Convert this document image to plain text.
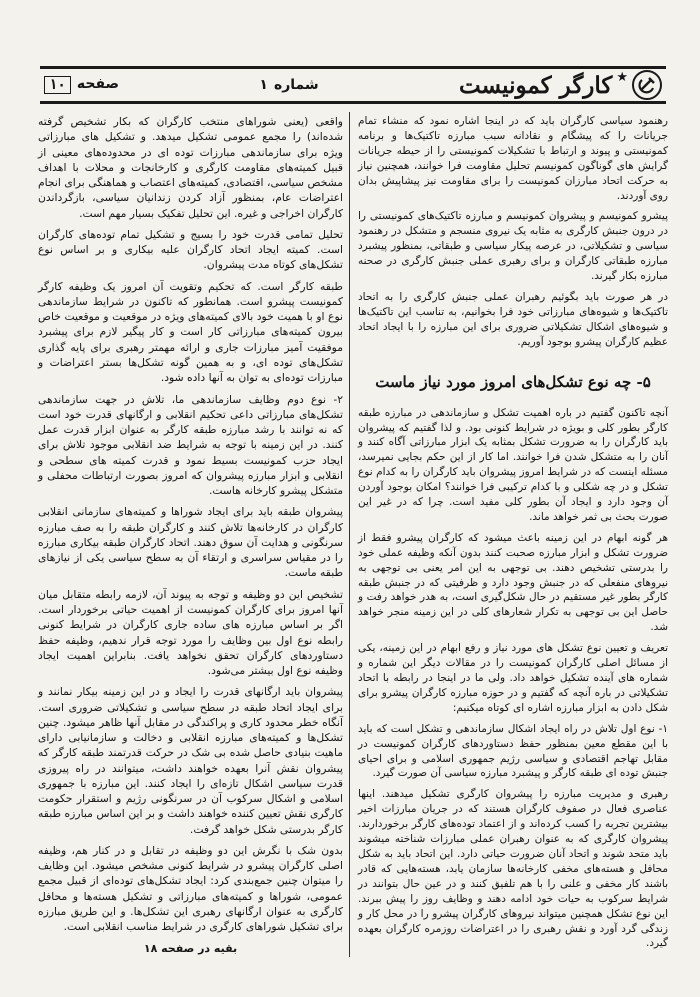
★
کارگر کمونیست
شماره
۱
صفحه
۱۰

رهنمود سیاسی کارگران باید که در اینجا اشاره نمود که منشاء تمام جریانات را که پیشگام و نقادانه سبب مبارزه تاکتیک‌ها و برنامه کمونیستی و پیوند و ارتباط با تشکیلات کمونیستی را از حیطه جریانات گرایش های گوناگون کمونیسم تحلیل مقاومت فرا خوانند، همچنین نیاز به حرکت اتحاد مبارزان کمونیست را برای مقاومت نیز پیشاپیش بدان روی آوردند.

پیشرو کمونیسم و پیشروان کمونیسم و مبارزه تاکتیک‌های کمونیستی را در درون جنبش کارگری به مثابه یک نیروی منسجم و متشکل در رهنمود سیاسی و تشکیلاتی، در عرصه پیکار سیاسی و طبقاتی، بمنظور پیشبرد مبارزه طبقاتی کارگران و برای رهبری عملی جنبش کارگری در صحنه مبارزه بکار گیرند.

در هر صورت باید بگوئیم رهبران عملی جنبش کارگری را به اتحاد تاکتیک‌ها و شیوه‌های مبارزاتی خود فرا بخوانیم، به تناسب این تاکتیک‌ها و شیوه‌های اشکال تشکیلاتی ضروری برای این مبارزه را با ایجاد اتحاد عظیم کارگران پیشرو بوجود آوریم.

۵- چه نوع تشکل‌های امروز مورد نیاز ماست

آنچه تاکنون گفتیم در باره اهمیت تشکل و سازماندهی در مبارزه طبقه کارگر بطور کلی و بویژه در شرایط کنونی بود. و لذا گفتیم که پیشروان باید کارگران را به ضرورت تشکل بمثابه یک ابزار مبارزاتی آگاه کنند و آنان را به متشکل شدن فرا خوانند. اما کار از این حکم بجایی نمیرسد، مسئله اینست که در شرایط امروز پیشروان باید کارگران را به کدام نوع تشکل و در چه شکلی و با کدام ترکیبی فرا خوانند؟ امکان بوجود آوردن آن وجود دارد و ایجاد آن بطور کلی مفید است. چرا که در غیر این صورت بحث بی ثمر خواهد ماند.

هر گونه ابهام در این زمینه باعث میشود که کارگران پیشرو فقط از ضرورت تشکل و ابزار مبارزه صحبت کنند بدون آنکه وظیفه عملی خود را بدرستی تشخیص دهند. بی توجهی به این امر یعنی بی توجهی به نیروهای منفعلی که در جنبش وجود دارد و ظرفیتی که در جنبش طبقه کارگر بطور غیر مستقیم در حال شکل‌گیری است، به هدر خواهد رفت و حاصل این بی توجهی به تکرار شعارهای کلی در این زمینه منجر خواهد شد.

تعریف و تعیین نوع تشکل های مورد نیاز و رفع ابهام در این زمینه، یکی از مسائل اصلی کارگران کمونیست را در مقالات دیگر این شماره و شماره های آینده تشکیل خواهد داد. ولی ما در اینجا در رابطه با اتحاد تشکیلاتی در باره آنچه که گفتیم و در حوزه مبارزه کارگران پیشرو برای شکل دادن به ابزار مبارزه اشاره ای کوتاه میکنیم:

۱- نوع اول تلاش در راه ایجاد اشکال سازماندهی و تشکل است که باید با این مقطع معین بمنظور حفظ دستاوردهای کارگران کمونیست در مقابل تهاجم اقتصادی و سیاسی رژیم جمهوری اسلامی و برای احیای جنبش توده ای طبقه کارگر و پیشبرد مبارزه سیاسی آن صورت گیرد.

رهبری و مدیریت مبارزه را پیشروان کارگری تشکیل میدهند. اینها عناصری فعال در صفوف کارگران هستند که در جریان مبارزات اخیر بیشترین تجربه را کسب کرده‌اند و از اعتماد توده‌های کارگر برخوردارند. پیشروان کارگری که به عنوان رهبران عملی مبارزات شناخته میشوند باید متحد شوند و اتحاد آنان ضرورت حیاتی دارد. این اتحاد باید به شکل محافل و هسته‌های مخفی کارخانه‌ها سازمان یابد، هسته‌هایی که قادر باشند کار مخفی و علنی را با هم تلفیق کنند و در عین حال بتوانند در شرایط سرکوب به حیات خود ادامه دهند و وظایف روز را پیش ببرند. این نوع تشکل همچنین میتواند نیروهای کارگران پیشرو را در محل کار و زندگی گرد آورد و نقش رهبری را در اعتراضات روزمره کارگران بعهده گیرد.

واقعی (یعنی شوراهای منتخب کارگران که بکار تشخیص گرفته شده‌اند) را مجمع عمومی تشکیل میدهد. و تشکیل های مبارزاتی ویژه برای سازماندهی مبارزات توده ای در محدوده‌های معینی از قبیل کمیته‌های مقاومت کارگری و کارخانجات و محلات با اهداف مشخص سیاسی، اقتصادی، کمیته‌های اعتصاب و هماهنگی برای انجام اعتراضات عام، بمنظور آزاد کردن زندانیان سیاسی، بازگرداندن کارگران اخراجی و غیره. این تحلیل تفکیک بسیار مهم است.

تحلیل تمامی قدرت خود را بسیج و تشکیل تمام توده‌های کارگران است. کمیته ایجاد اتحاد کارگران علیه بیکاری و بر اساس نوع تشکل‌های کوتاه مدت پیشروان.

طبقه کارگر است. که تحکیم وتقویت آن امروز یک وظیفه کارگر کمونیست پیشرو است. همانطور که تاکنون در شرایط سازماندهی نوع او با همیت خود بالای کمیته‌های ویژه در موقعیت و موقعیت خاص بیرون کمیته‌های مبارزاتی کار است و کار پیگیر لازم برای پیشبرد موفقیت آمیز مبارزات جاری و ارائه مهمتر رهبری برای پایه گذاری تشکل‌های توده ای، و به همین گونه تشکل‌ها بستر اعتراضات و مبارزات توده‌ای به توان به آنها داده شود.

۲- نوع دوم وظایف سازماندهی ما، تلاش در جهت سازماندهی تشکل‌های مبارزاتی داعی تحکیم انقلابی و ارگانهای قدرت خود است که نه توانند با رشد مبارزه طبقه کارگر به عنوان ابزار قدرت عمل کنند. در این زمینه با توجه به شرایط ضد انقلابی موجود تلاش برای ایجاد حزب کمونیست بسیط نمود و قدرت کمیته های سطحی و انقلابی و ابزار مبارزه پیشروان که امروز بصورت ارتباطات محفلی و متشکل پیشرو کارخانه هاست.

پیشروان طبقه باید برای ایجاد شوراها و کمیته‌های سازمانی انقلابی کارگران در کارخانه‌ها تلاش کنند و کارگران طبقه را به صف مبارزه سرنگونی و هدایت آن سوق دهند. اتحاد کارگران طبقه بیکاری مبارزه را در مقیاس سراسری و ارتقاء آن به سطح سیاسی یکی از نیازهای طبقه ماست.

تشخیص این دو وظیفه و توجه به پیوند آن، لازمه رابطه متقابل میان آنها امروز برای کارگران کمونیست از اهمیت حیاتی برخوردار است. اگر بر اساس مبارزه های ساده جاری کارگران در شرایط کنونی رابطه نوع اول بین وظایف را مورد توجه قرار ندهیم، وظیفه حفظ دستاوردهای کارگران تحقق نخواهد یافت. بنابراین اهمیت ایجاد وظیفه نوع اول بیشتر می‌شود.

پیشروان باید ارگانهای قدرت را ایجاد و در این زمینه بیکار نمانند و برای ایجاد اتحاد طبقه در سطح سیاسی و تشکیلاتی ضروری است. آنگاه خطر محدود کاری و پراکندگی در مقابل آنها ظاهر میشود. چنین تشکل‌ها و کمیته‌های مبارزه انقلابی و دخالت و سازمانیابی دارای ماهیت بنیادی حاصل شده بی شک در حرکت قدرتمند طبقه کارگر که پیشروان نقش آنرا بعهده خواهند داشت، میتوانند در راه پیروزی قدرت سیاسی اشکال تازه‌ای را ایجاد کنند. این مبارزه با جمهوری اسلامی و اشکال سرکوب آن در سرنگونی رژیم و استقرار حکومت کارگری نقش تعیین کننده خواهند داشت و بر این اساس مبارزه طبقه کارگر بدرستی شکل خواهد گرفت.

بدون شک با نگرش این دو وظیفه در تقابل و در کنار هم، وظیفه اصلی کارگران پیشرو در شرایط کنونی مشخص میشود. این وظایف را میتوان چنین جمع‌بندی کرد: ایجاد تشکل‌های توده‌ای از قبیل مجمع عمومی، شوراها و کمیته‌های مبارزاتی و تشکیل هسته‌ها و محافل کارگری به عنوان ارگانهای رهبری این تشکل‌ها. و این طریق مبارزه برای تشکیل شوراهای کارگری در شرایط مناسب انقلابی است.

بقیه در صفحه ۱۸
